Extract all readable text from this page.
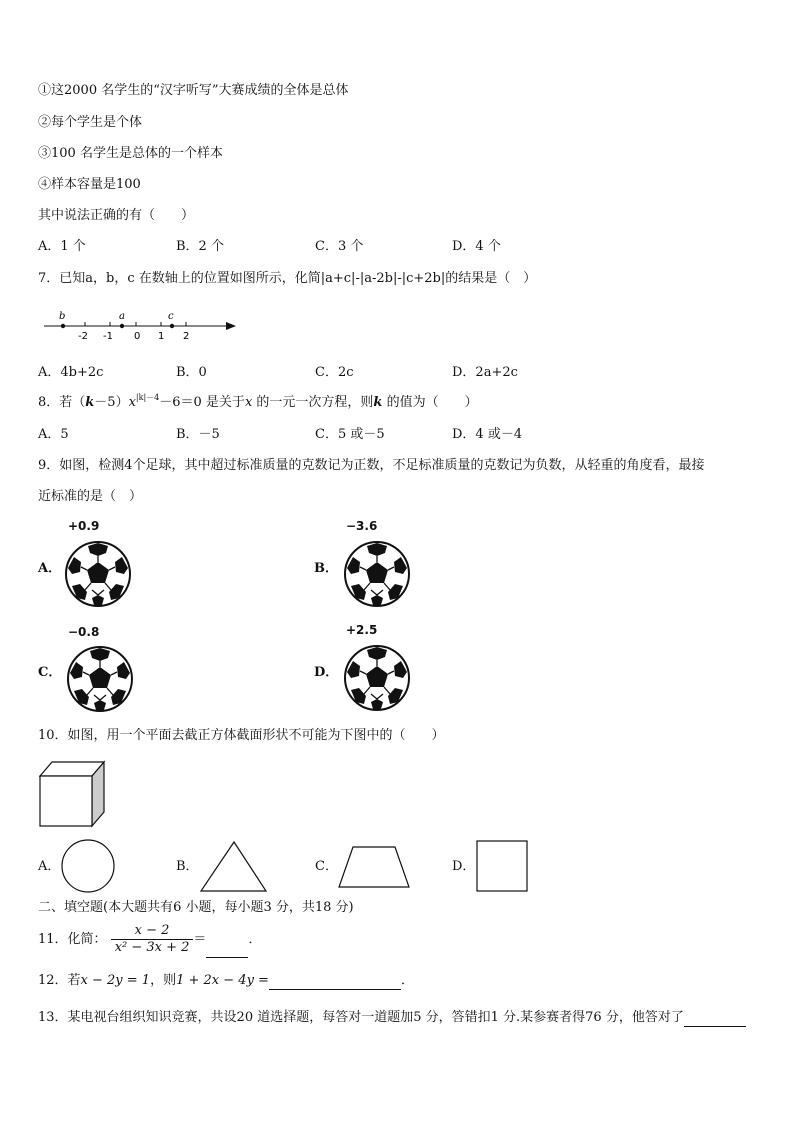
①这2000 名学生的“汉字听写”大赛成绩的全体是总体
②每个学生是个体
③100 名学生是总体的一个样本
④样本容量是100
其中说法正确的有（　　）
A．1 个	B．2 个	C．3 个	D．4 个
7．已知a，b，c 在数轴上的位置如图所示，化简|a+c|-|a-2b|-|c+2b|的结果是（　）
-2 -1 0 1 2
b	a	c
A．4b+2c	B．0	C．2c	D．2a+2c
8．若$(k-5)x^{|k|-4}-6=0$ 是关于x 的一元一次方程，则k 的值为（　　）
A．5	B．－5	C．5 或－5	D．4 或－4
9．如图，检测4个足球，其中超过标准质量的克数记为正数，不足标准质量的克数记为负数，从轻重的角度看，最接
近标准的是（　）
+0.9
A．
−3.6
B．
−0.8
C．
+2.5
D．
10．如图，用一个平面去截正方体截面形状不可能为下图中的（　　）
A．	B．	C．	D．
二、填空题(本大题共有6 小题，每小题3 分，共18 分)
11．化简： $\frac{x - 2}{\text{x² − 3x + 2}}$ ＝	．
12．若x − 2y = 1，则1 + 2x − 4y =	．
13．某电视台组织知识竞赛，共设20 道选择题，每答对一道题加5 分，答错扣1 分.某参赛者得76 分，他答对了
